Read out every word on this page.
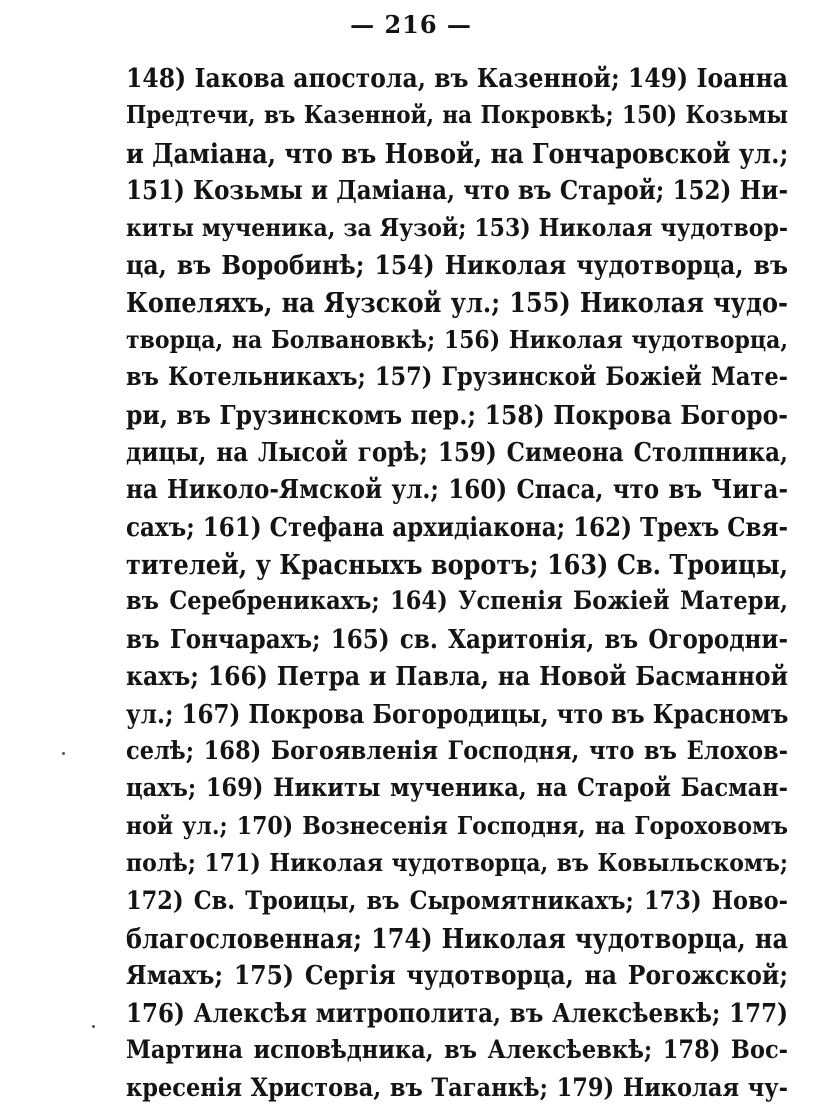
— 216 —
148) Іакова апостола, въ Казенной; 149) Іоанна
Предтечи, въ Казенной, на Покровкѣ; 150) Козьмы
и Даміана, что въ Новой, на Гончаровской ул.;
151) Козьмы и Даміана, что въ Старой; 152) Ни-
киты мученика, за Яузой; 153) Николая чудотвор-
ца, въ Воробинѣ; 154) Николая чудотворца, въ
Копеляхъ, на Яузской ул.; 155) Николая чудо-
творца, на Болвановкѣ; 156) Николая чудотворца,
въ Котельникахъ; 157) Грузинской Божіей Мате-
ри, въ Грузинскомъ пер.; 158) Покрова Богоро-
дицы, на Лысой горѣ; 159) Симеона Столпника,
на Николо-Ямской ул.; 160) Спаса, что въ Чига-
сахъ; 161) Стефана архидіакона; 162) Трехъ Свя-
тителей, у Красныхъ воротъ; 163) Св. Троицы,
въ Серебреникахъ; 164) Успенія Божіей Матери,
въ Гончарахъ; 165) св. Харитонія, въ Огородни-
кахъ; 166) Петра и Павла, на Новой Басманной
ул.; 167) Покрова Богородицы, что въ Красномъ
селѣ; 168) Богоявленія Господня, что въ Елохов-
цахъ; 169) Никиты мученика, на Старой Басман-
ной ул.; 170) Вознесенія Господня, на Гороховомъ
полѣ; 171) Николая чудотворца, въ Ковыльскомъ;
172) Св. Троицы, въ Сыромятникахъ; 173) Ново-
благословенная; 174) Николая чудотворца, на
Ямахъ; 175) Сергія чудотворца, на Рогожской;
176) Алексѣя митрополита, въ Алексѣевкѣ; 177)
Мартина исповѣдника, въ Алексѣевкѣ; 178) Вос-
кресенія Христова, въ Таганкѣ; 179) Николая чу-
